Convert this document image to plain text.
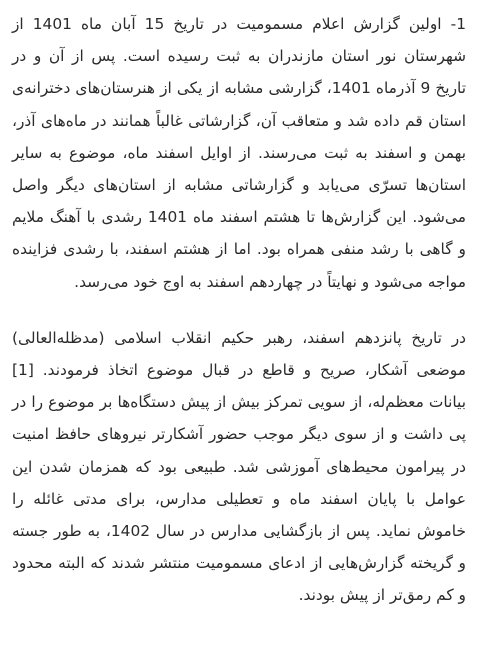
1- اولین گزارش اعلام مسمومیت در تاریخ 15 آبان ماه 1401 از شهرستان نور استان مازندران به ثبت رسیده است. پس از آن و در تاریخ 9 آذرماه 1401، گزارشی مشابه از یکی از هنرستان‌های دخترانه‌ی استان قم داده شد و متعاقب آن، گزارشاتی غالباً همانند در ماه‌های آذر، بهمن و اسفند به ثبت می‌رسند. از اوایل اسفند ماه، موضوع به سایر استان‌ها تسرّی می‌یابد و گزارشاتی مشابه از استان‌های دیگر واصل می‌شود. این گزارش‌ها تا هشتم اسفند ماه 1401 رشدی با آهنگ ملایم و گاهی با رشد منفی همراه بود. اما از هشتم اسفند، با رشدی فزاینده مواجه می‌شود و نهایتاً در چهاردهم اسفند به اوج خود می‌رسد.

در تاریخ پانزدهم اسفند، رهبر حکیم انقلاب اسلامی (مدظله‌العالی) موضعی آشکار، صریح و قاطع در قبال موضوع اتخاذ فرمودند. [1] بیانات معظم‌له، از سویی تمرکز بیش از پیش دستگاه‌ها بر موضوع را در پی داشت و از سوی دیگر موجب حضور آشکارتر نیروهای حافظ امنیت در پیرامون محیط‌های آموزشی شد. طبیعی بود که همزمان شدن این عوامل با پایان اسفند ماه و تعطیلی مدارس، برای مدتی غائله را خاموش نماید. پس از بازگشایی مدارس در سال 1402، به طور جسته و گریخته گزارش‌هایی از ادعای مسمومیت منتشر شدند که البته محدود و کم رمق‌تر از پیش بودند.
